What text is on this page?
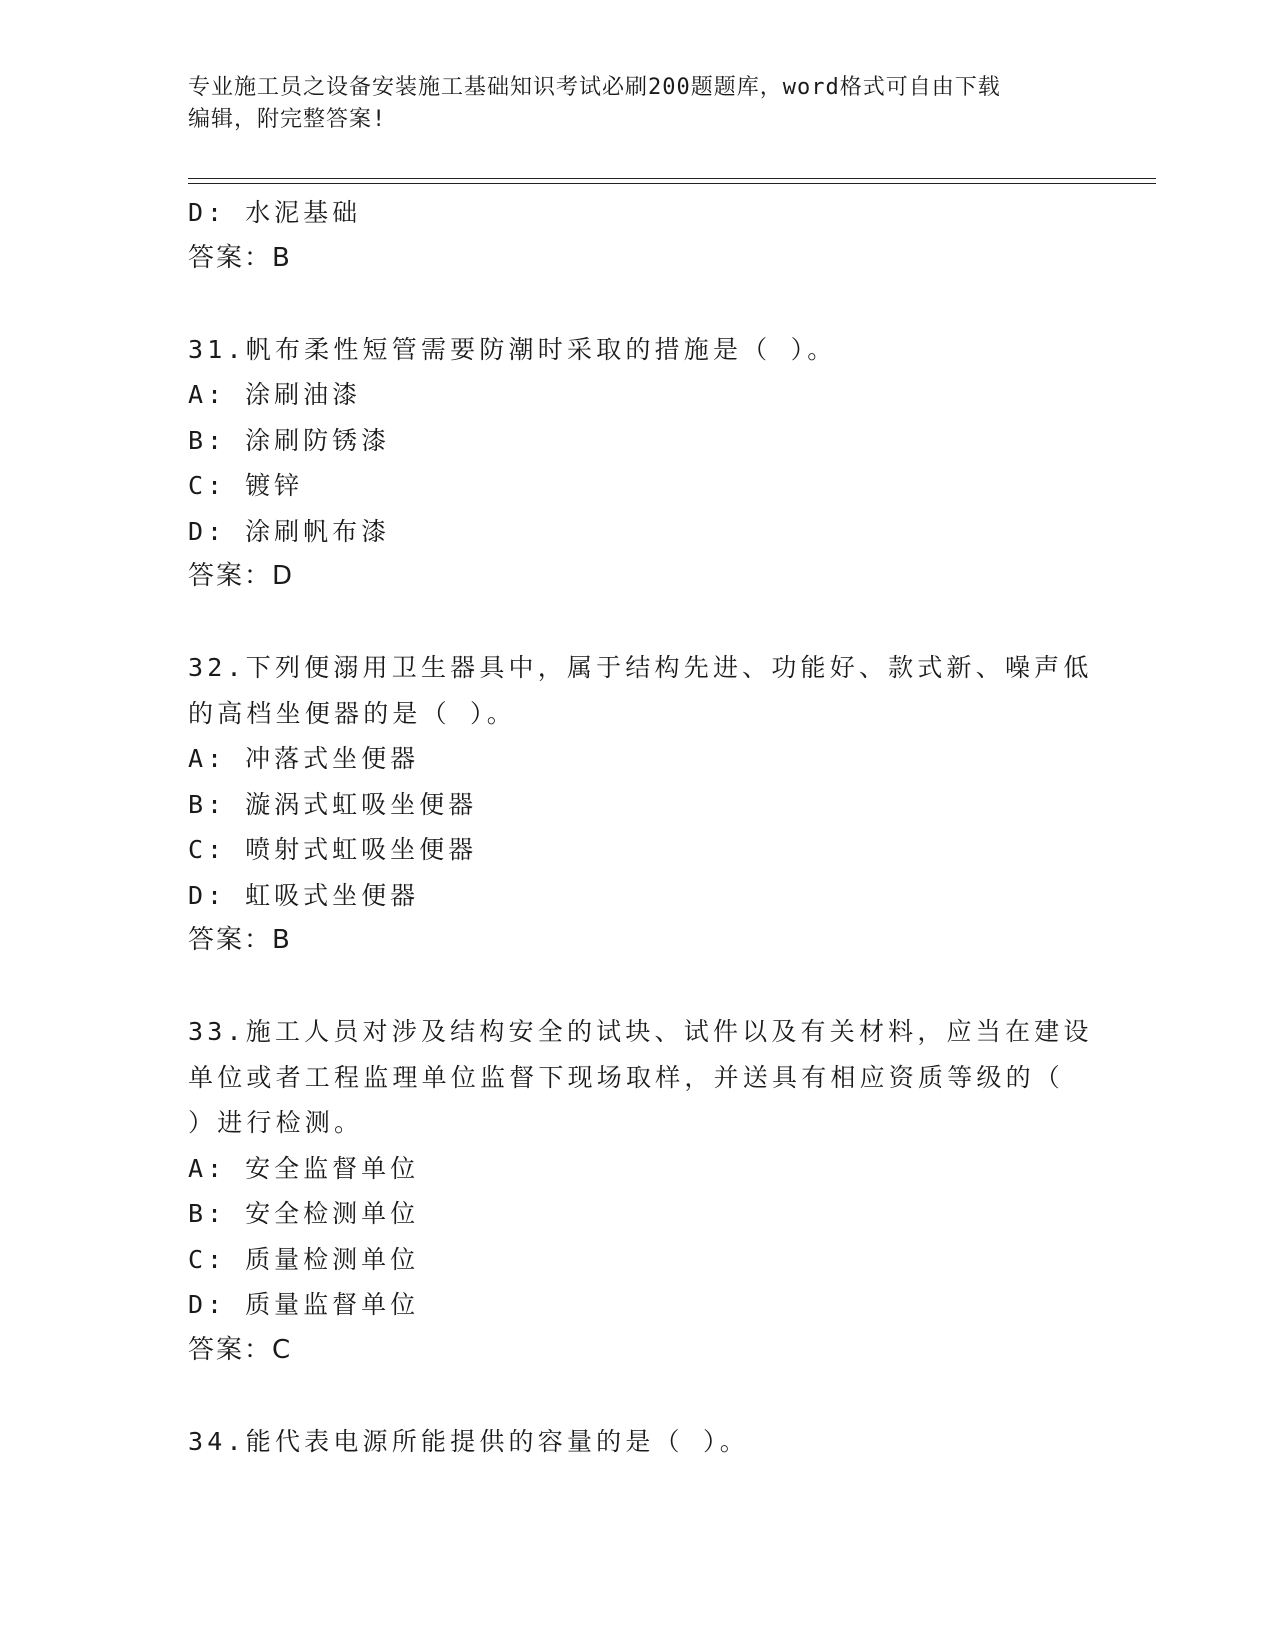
专业施工员之设备安装施工基础知识考试必刷200题题库，word格式可自由下载
编辑，附完整答案!
D: 水泥基础
答案：B
31.帆布柔性短管需要防潮时采取的措施是（ ）。
A: 涂刷油漆
B: 涂刷防锈漆
C: 镀锌
D: 涂刷帆布漆
答案：D
32.下列便溺用卫生器具中，属于结构先进、功能好、款式新、噪声低
的高档坐便器的是（ ）。
A: 冲落式坐便器
B: 漩涡式虹吸坐便器
C: 喷射式虹吸坐便器
D: 虹吸式坐便器
答案：B
33.施工人员对涉及结构安全的试块、试件以及有关材料，应当在建设
单位或者工程监理单位监督下现场取样，并送具有相应资质等级的（
）进行检测。
A: 安全监督单位
B: 安全检测单位
C: 质量检测单位
D: 质量监督单位
答案：C
34.能代表电源所能提供的容量的是（ ）。
